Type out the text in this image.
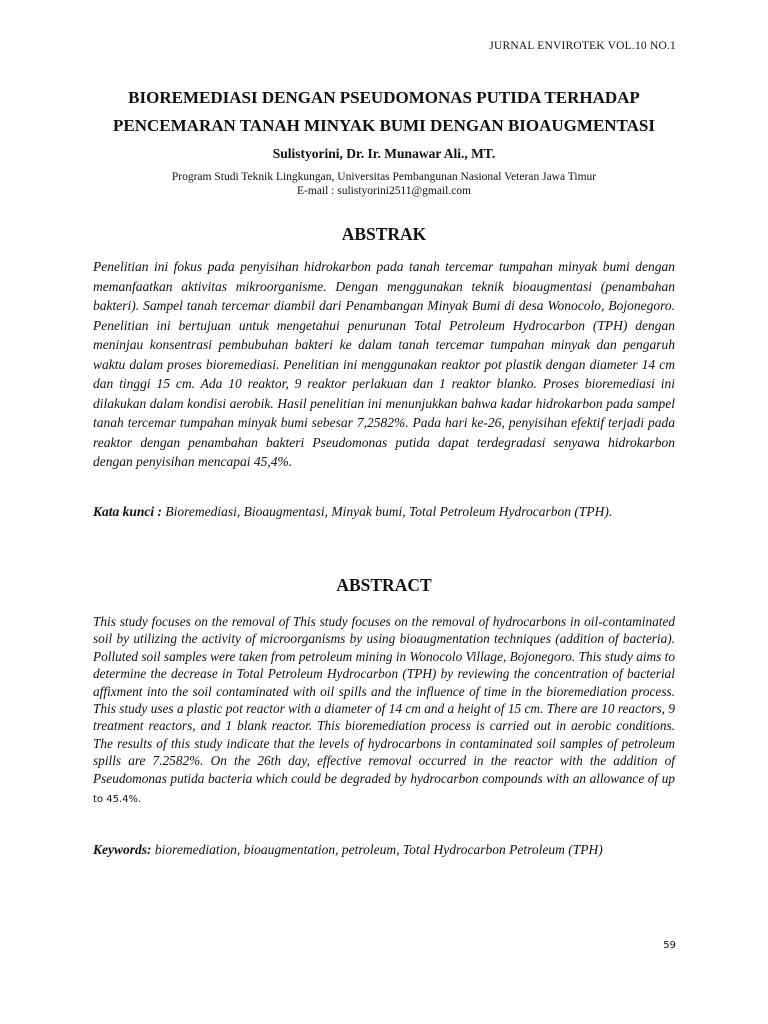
JURNAL ENVIROTEK VOL.10 NO.1
BIOREMEDIASI DENGAN PSEUDOMONAS PUTIDA TERHADAP
PENCEMARAN TANAH MINYAK BUMI DENGAN BIOAUGMENTASI
Sulistyorini, Dr. Ir. Munawar Ali., MT.
Program Studi Teknik Lingkungan, Universitas Pembangunan Nasional Veteran Jawa Timur
E-mail : sulistyorini2511@gmail.com
ABSTRAK

Penelitian ini fokus pada penyisihan hidrokarbon pada tanah tercemar tumpahan minyak bumi dengan memanfaatkan aktivitas mikroorganisme. Dengan menggunakan teknik bioaugmentasi (penambahan bakteri). Sampel tanah tercemar diambil dari Penambangan Minyak Bumi di desa Wonocolo, Bojonegoro. Penelitian ini bertujuan untuk mengetahui penurunan Total Petroleum Hydrocarbon (TPH) dengan meninjau konsentrasi pembubuhan bakteri ke dalam tanah tercemar tumpahan minyak dan pengaruh waktu dalam proses bioremediasi. Penelitian ini menggunakan reaktor pot plastik dengan diameter 14 cm dan tinggi 15 cm. Ada 10 reaktor, 9 reaktor perlakuan dan 1 reaktor blanko. Proses bioremediasi ini dilakukan dalam kondisi aerobik. Hasil penelitian ini menunjukkan bahwa kadar hidrokarbon pada sampel tanah tercemar tumpahan minyak bumi sebesar 7,2582%. Pada hari ke-26, penyisihan efektif terjadi pada reaktor dengan penambahan bakteri Pseudomonas putida dapat terdegradasi senyawa hidrokarbon dengan penyisihan mencapai 45,4%.

Kata kunci : Bioremediasi, Bioaugmentasi, Minyak bumi, Total Petroleum Hydrocarbon (TPH).

ABSTRACT

This study focuses on the removal of This study focuses on the removal of hydrocarbons in oil-contaminated soil by utilizing the activity of microorganisms by using bioaugmentation techniques (addition of bacteria). Polluted soil samples were taken from petroleum mining in Wonocolo Village, Bojonegoro. This study aims to determine the decrease in Total Petroleum Hydrocarbon (TPH) by reviewing the concentration of bacterial affixment into the soil contaminated with oil spills and the influence of time in the bioremediation process. This study uses a plastic pot reactor with a diameter of 14 cm and a height of 15 cm. There are 10 reactors, 9 treatment reactors, and 1 blank reactor. This bioremediation process is carried out in aerobic conditions. The results of this study indicate that the levels of hydrocarbons in contaminated soil samples of petroleum spills are 7.2582%. On the 26th day, effective removal occurred in the reactor with the addition of Pseudomonas putida bacteria which could be degraded by hydrocarbon compounds with an allowance of up to 45.4%.

Keywords: bioremediation, bioaugmentation, petroleum, Total Hydrocarbon Petroleum (TPH)

59
